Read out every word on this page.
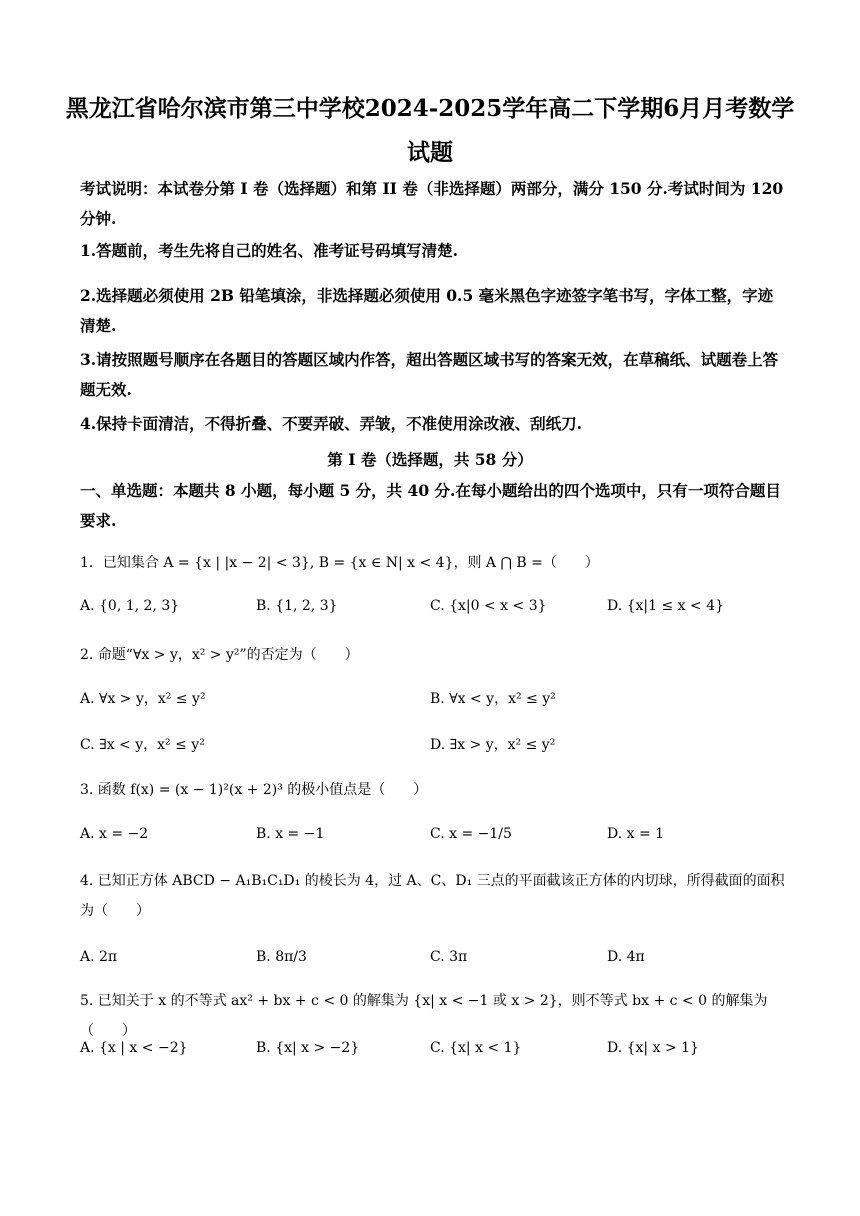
黑龙江省哈尔滨市第三中学校2024-2025学年高二下学期6月月考数学
试题
考试说明：本试卷分第 I 卷（选择题）和第 II 卷（非选择题）两部分，满分 150 分.考试时间为 120 分钟.
1.答题前，考生先将自己的姓名、准考证号码填写清楚.
2.选择题必须使用 2B 铅笔填涂，非选择题必须使用 0.5 毫米黑色字迹签字笔书写，字体工整，字迹清楚.
3.请按照题号顺序在各题目的答题区域内作答，超出答题区域书写的答案无效，在草稿纸、试题卷上答题无效.
4.保持卡面清洁，不得折叠、不要弄破、弄皱，不准使用涂改液、刮纸刀.
第 I 卷（选择题，共 58 分）
一、单选题：本题共 8 小题，每小题 5 分，共 40 分.在每小题给出的四个选项中，只有一项符合题目要求.
1．已知集合 A = {x | |x − 2| < 3}, B = {x ∈ N| x < 4}，则 A ⋂ B =（　　）
A. {0, 1, 2, 3}	B. {1, 2, 3}	C. {x|0 < x < 3}	D. {x|1 ≤ x < 4}
2. 命题“∀x > y，x² > y²”的否定为（　　）
A. ∀x > y，x² ≤ y²	B. ∀x < y，x² ≤ y²
C. ∃x < y，x² ≤ y²	D. ∃x > y，x² ≤ y²
3. 函数 f(x) = (x − 1)²(x + 2)³ 的极小值点是（　　）
A. x = −2	B. x = −1	C. x = −1/5	D. x = 1
4. 已知正方体 ABCD − A₁B₁C₁D₁ 的棱长为 4，过 A、C、D₁ 三点的平面截该正方体的内切球，所得截面的面积为（　　）
A. 2π	B. 8π/3	C. 3π	D. 4π
5. 已知关于 x 的不等式 ax² + bx + c < 0 的解集为 {x| x < −1 或 x > 2}，则不等式 bx + c < 0 的解集为（　　）
A. {x | x < −2}	B. {x| x > −2}	C. {x| x < 1}	D. {x| x > 1}
